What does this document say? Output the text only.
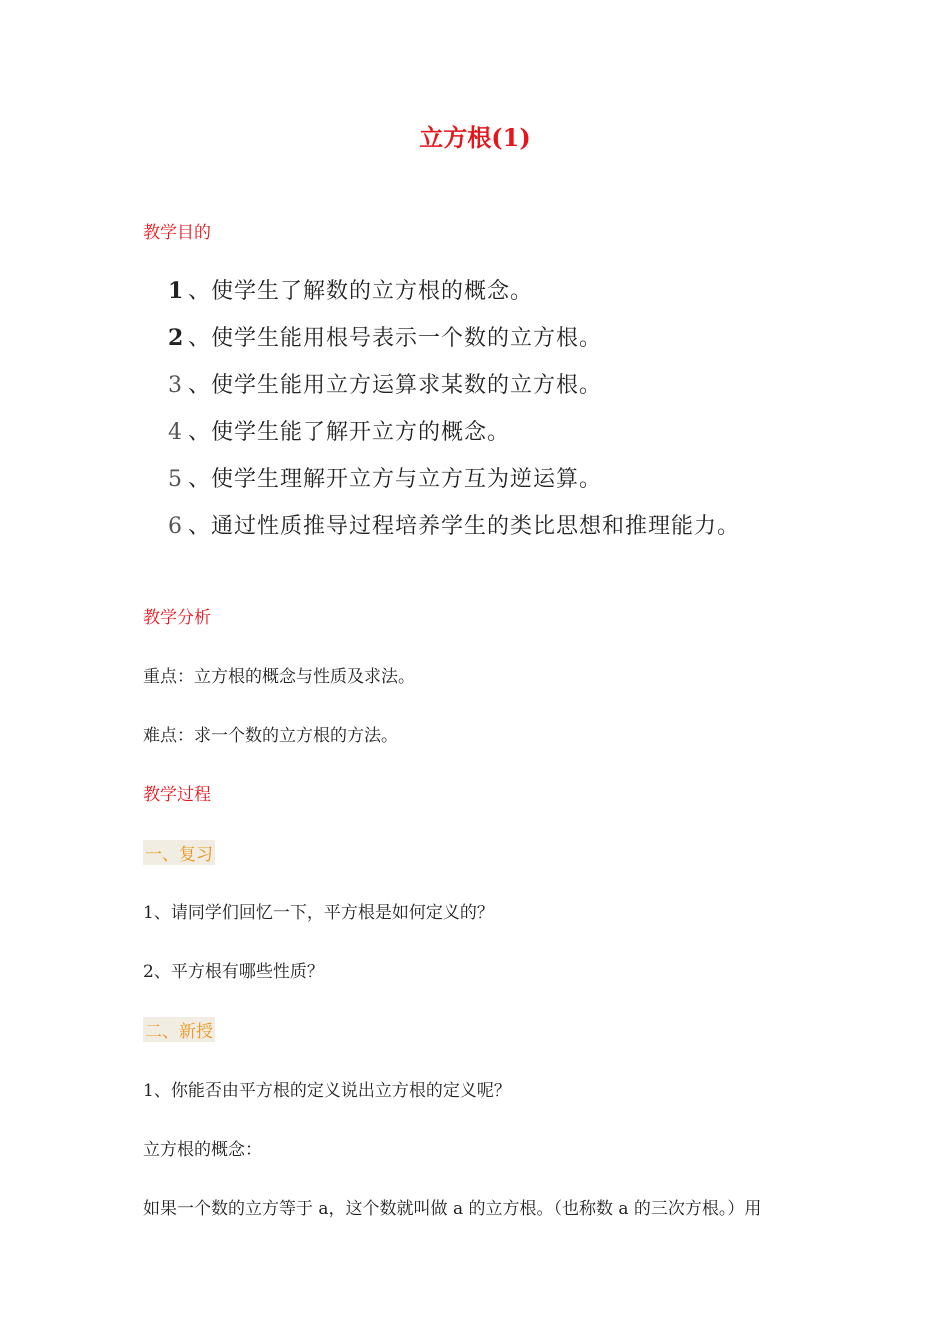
立方根(1)
教学目的
1 、使学生了解数的立方根的概念。
2 、使学生能用根号表示一个数的立方根。
3 、使学生能用立方运算求某数的立方根。
4 、使学生能了解开立方的概念。
5 、使学生理解开立方与立方互为逆运算。
6 、通过性质推导过程培养学生的类比思想和推理能力。
教学分析
重点：立方根的概念与性质及求法。
难点：求一个数的立方根的方法。
教学过程
一、复习
1、请同学们回忆一下，平方根是如何定义的？
2、平方根有哪些性质？
二、新授
1、你能否由平方根的定义说出立方根的定义呢？
立方根的概念：
如果一个数的立方等于 a，这个数就叫做 a 的立方根。（也称数 a 的三次方根。）用
